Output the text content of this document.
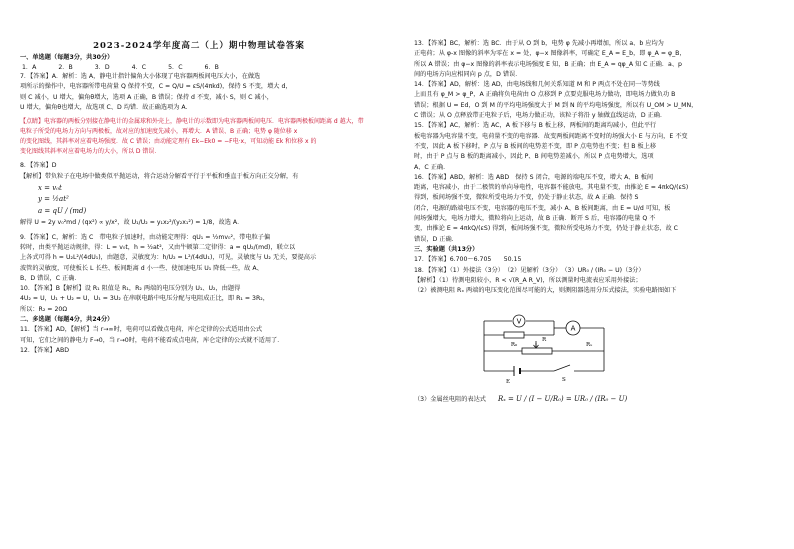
2023-2024学年度高二（上）期中物理试卷答案

一、单选题（每题3分，共30分）

1．A	2．B	3．D	4．C	5．C	6．B

7．【答案】A．解析：选 A，静电计指针偏角大小体现了电容器两板间电压大小，在做选

项所示的操作中，电容器所带电荷量 Q 保持不变，C = Q/U = εS/(4πkd)，保持 S 不变，增大 d，

则 C 减小，U 增大，偏角θ增大，选项 A 正确，B 错误；保持 d 不变，减小 S，则 C 减小，

U 增大，偏角θ也增大，故选项 C、D 均错．故正确选项为 A．

【点睛】电容器的两板分别接在静电计的金属球和外壳上，静电计的示数即为电容器两板间电压．电容器两极板间距离 d 越大，带

电粒子所受的电场力方向与两极板，故对应的加速度先减小，再增大．A 错误、B 正确；电势 φ 随位移 x

的变化图线，其斜率对应着电场强度．故 C 错误；由动能定理有 Ek−Ek0 = −F电·x，可知动能 Ek 和位移 x 的

变化图线其斜率对应着电场力的大小，所以 D 错误．

8．【答案】D

【解析】带负粒子在电场中做类似平抛运动，将合运动分解看平行于平板和垂直于板方向正交分解，有

x = v₀t
y = ½at²
a = qU / (md)

解得 U = 2y v₀²md / (qx²) ∝ y/x²，故 U₁/U₂ = y₁x₂²/(y₂x₁²) = 1/8，故选 A．

9．【答案】C，解析：选 C　带电粒子加速时，由动能定理得：qU₁ = ½mv₀²，带电粒子偏

转时，由类平抛运动规律，得：L = v₀t，h = ½at²，又由牛顿第二定律得：a = qU₂/(md)，联立以

上各式可得 h = U₂L²/(4dU₁)，由题意，灵敏度为：h/U₂ = L²/(4dU₁)，可见，灵敏度与 U₂ 无关，要提高示

波管的灵敏度，可使板长 L 长些、板间距离 d 小一些、使加速电压 U₁ 降低一些，故 A、

B、D 错误，C 正确．

10．【答案】B【解析】设 R₁ 阻值是 R₁，R₂ 两端的电压分别为 U₁、U₂，由题得

4U₂ = U，U₁ + U₂ = U，U₁ = 3U₂ 在串联电路中电压分配与电阻成正比，即 R₁ = 3R₂，

所以：R₂ = 20Ω

二、多选题（每题4分，共24分）

11．【答案】AD，【解析】当 r→∞时，电荷可以看做点电荷，库仑定律的公式适用由公式

可知，它们之间的静电力 F→0，当 r→0时，电荷不能看成点电荷，库仑定律的公式就不适用了．

12．【答案】ABD

13．【答案】BC，解析：选 BC．由于从 O 到 b，电势 φ 先减小再增加，所以 a、b 应均为

正电荷；从 φ-x 图像的斜率为零在 x = 处，φ−x 图像斜率，可确定 E_A = E_b，即 φ_A = φ_B，

所以 A 错误；由 φ−x 图像的斜率表示电场强度 E 知，B 正确；由 E_A = qφ_A 知 C 正确．a、p

间的电场方向应相同向 p 点，D 错误．

14．【答案】AD，解析：选 AD，由电场线和几何关系知道 M 和 P 两点不处在同一等势线

上而且有 φ_M > φ_P，A 正确将负电荷由 O 点移到 P 点要克服电场力做功，即电场力做负功 B

错误；根据 U = Ed，O 到 M 的平均电场强度大于 M 到 N 的平均电场强度，所以有 U_OM > U_MN，

C 错误；从 O 点释放带正电粒子后，电场力做正功，该粒子将沿 y 轴做直线运动，D 正确．

15．【答案】AC，解析：选 AC，A 板下移与 B 板上移，两板间的距离均减小，但此平行

板电容器为电容量不变，电荷量不变的电容器．故变两板间距离不变时的场强大小 E 与方向，E 不变

不变，因此 A 板下移时，P 点与 B 板间的电势差不变，即 P 点电势也不变；但 B 板上移

时，由于 P 点与 B 板的距离减小，因此 P、B 间电势差减小，所以 P 点电势增大，选项

A、C 正确．

16．【答案】ABD，解析：选 ABD　保持 S 闭合，电源的端电压不变，增大 A、B 板间

距离，电容减小，由于二极管的单向导电性，电容器不能放电，其电量不变，由推论 E = 4πkQ/(εS)

得到，板间场强不变，微粒所受电场力不变，仍处于静止状态，故 A 正确．保持 S

闭合，电源的路端电压不变，电容器的电压不变，减小 A、B 板间距离，由 E = U/d 可知，板

间场强增大，电场力增大，微粒将向上运动，故 B 正确．断开 S 后，电容器的电量 Q 不

变，由推论 E = 4πkQ/(εS) 得到，板间场强不变，微粒所受电场力不变，仍处于静止状态，故 C

错误，D 正确．

三、实验题（共13分）

17．【答案】6.700～6.705　　50.15

18．【答案】（1）外接法（3分）　（2）见解析（3分）　（3）UR₀ / (IR₀ − U)（3分）

【解析】（1）待测电阻较小，R < √(R_A R_V)，所以测量时电流表应采用外接法；

（2）被测电阻 Rₓ 两端的电压变化范围尽可能的大，则测阻器选用分压式接法，实验电路图如下

V
R₀
A
R
E	S
Rₓ

（3）金属丝电阻的表达式 Rₓ = U / (I − U/R₀) = UR₀ / (IR₀ − U)
